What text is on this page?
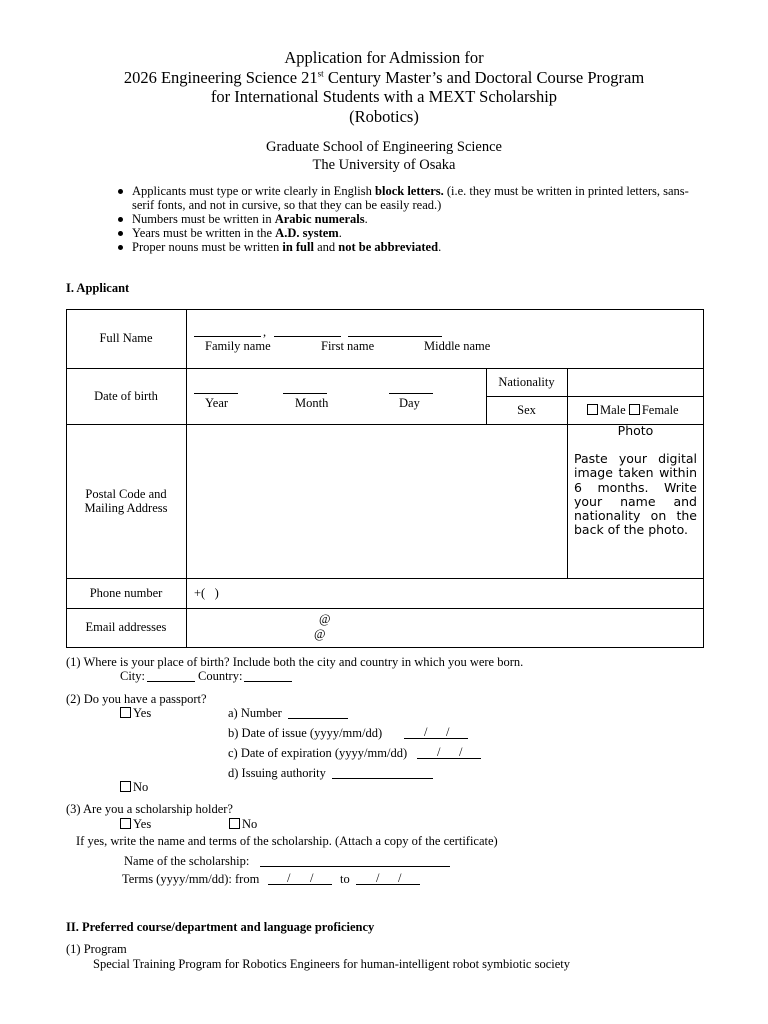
Application for Admission for
2026 Engineering Science 21st Century Master’s and Doctoral Course Program
for International Students with a MEXT Scholarship
(Robotics)
Graduate School of Engineering Science
The University of Osaka
Applicants must type or write clearly in English block letters. (i.e. they must be written in printed letters, sans-serif fonts, and not in cursive, so that they can be easily read.)
Numbers must be written in Arabic numerals.
Years must be written in the A.D. system.
Proper nouns must be written in full and not be abbreviated.
I. Applicant
Full Name	,
Family name	First name	Middle name
Date of birth	Year	Month	Day
Nationality
Sex	Male Female
Postal Code and
Mailing Address
Photo
Paste your digital image taken within 6 months. Write your name and nationality on the back of the photo.
Phone number	+(   )
Email addresses
@
@
(1) Where is your place of birth? Include both the city and country in which you were born.
City:	Country:
(2) Do you have a passport?
Yes	a) Number
b) Date of issue (yyyy/mm/dd)	/ /
c) Date of expiration (yyyy/mm/dd) / /
d) Issuing authority
No
(3) Are you a scholarship holder?
Yes	No
If yes, write the name and terms of the scholarship. (Attach a copy of the certificate)
Name of the scholarship:
Terms (yyyy/mm/dd): from / / to / /
II. Preferred course/department and language proficiency
(1) Program
Special Training Program for Robotics Engineers for human-intelligent robot symbiotic society
